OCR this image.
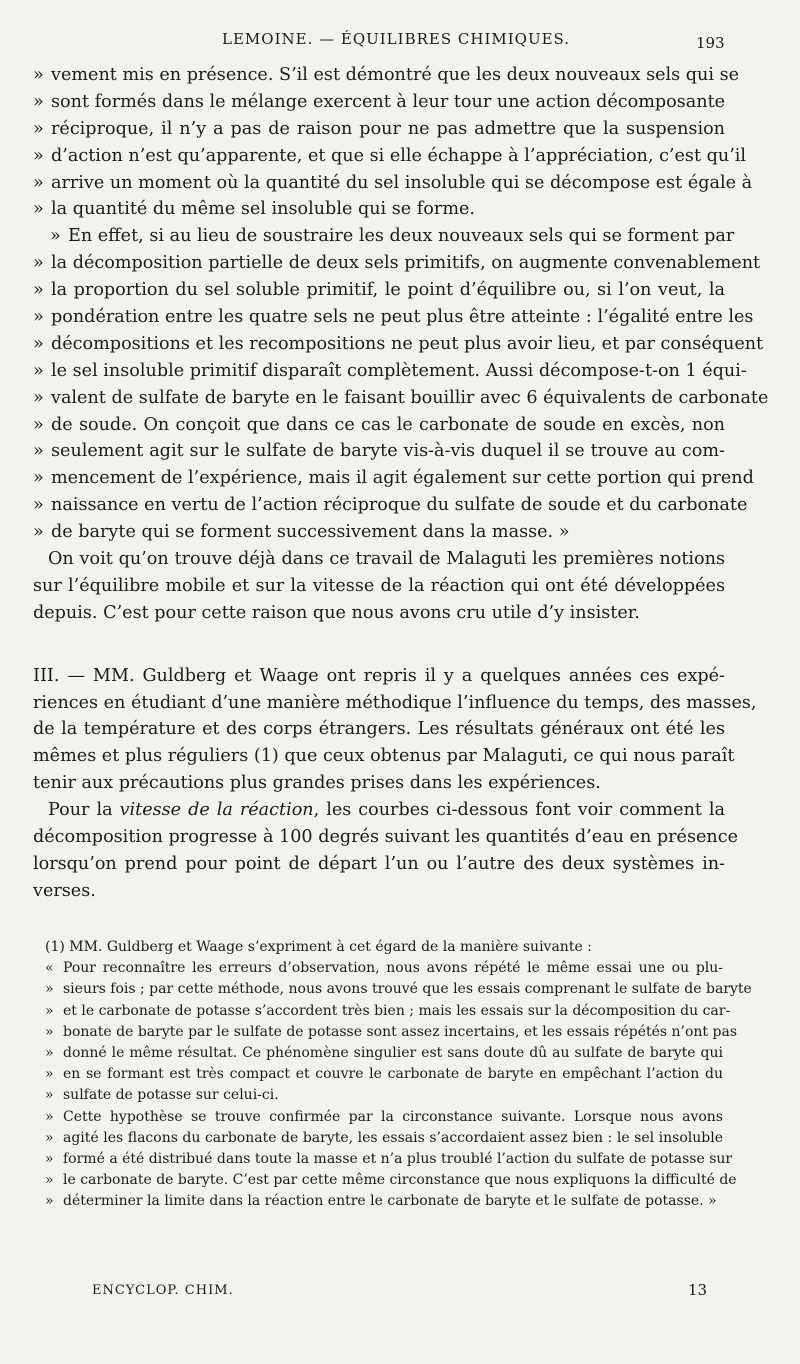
LEMOINE. — ÉQUILIBRES CHIMIQUES.	193
» vement mis en présence. S’il est démontré que les deux nouveaux sels qui se
» sont formés dans le mélange exercent à leur tour une action décomposante
» réciproque, il n’y a pas de raison pour ne pas admettre que la suspension
» d’action n’est qu’apparente, et que si elle échappe à l’appréciation, c’est qu’il
» arrive un moment où la quantité du sel insoluble qui se décompose est égale à
» la quantité du même sel insoluble qui se forme.
» En effet, si au lieu de soustraire les deux nouveaux sels qui se forment par
» la décomposition partielle de deux sels primitifs, on augmente convenablement
» la proportion du sel soluble primitif, le point d’équilibre ou, si l’on veut, la
» pondération entre les quatre sels ne peut plus être atteinte : l’égalité entre les
» décompositions et les recompositions ne peut plus avoir lieu, et par conséquent
» le sel insoluble primitif disparaît complètement. Aussi décompose-t-on 1 équi-
» valent de sulfate de baryte en le faisant bouillir avec 6 équivalents de carbonate
» de soude. On conçoit que dans ce cas le carbonate de soude en excès, non
» seulement agit sur le sulfate de baryte vis-à-vis duquel il se trouve au com-
» mencement de l’expérience, mais il agit également sur cette portion qui prend
» naissance en vertu de l’action réciproque du sulfate de soude et du carbonate
» de baryte qui se forment successivement dans la masse. »
On voit qu’on trouve déjà dans ce travail de Malaguti les premières notions
sur l’équilibre mobile et sur la vitesse de la réaction qui ont été développées
depuis. C’est pour cette raison que nous avons cru utile d’y insister.
III. — MM. Guldberg et Waage ont repris il y a quelques années ces expé-
riences en étudiant d’une manière méthodique l’influence du temps, des masses,
de la température et des corps étrangers. Les résultats généraux ont été les
mêmes et plus réguliers (1) que ceux obtenus par Malaguti, ce qui nous paraît
tenir aux précautions plus grandes prises dans les expériences.
Pour la vitesse de la réaction, les courbes ci-dessous font voir comment la
décomposition progresse à 100 degrés suivant les quantités d’eau en présence
lorsqu’on prend pour point de départ l’un ou l’autre des deux systèmes in-
verses.
(1) MM. Guldberg et Waage s’expriment à cet égard de la manière suivante :
« Pour reconnaître les erreurs d’observation, nous avons répété le même essai une ou plu-
» sieurs fois ; par cette méthode, nous avons trouvé que les essais comprenant le sulfate de baryte
» et le carbonate de potasse s’accordent très bien ; mais les essais sur la décomposition du car-
» bonate de baryte par le sulfate de potasse sont assez incertains, et les essais répétés n’ont pas
» donné le même résultat. Ce phénomène singulier est sans doute dû au sulfate de baryte qui
» en se formant est très compact et couvre le carbonate de baryte en empêchant l’action du
» sulfate de potasse sur celui-ci.
» Cette hypothèse se trouve confirmée par la circonstance suivante. Lorsque nous avons
» agité les flacons du carbonate de baryte, les essais s’accordaient assez bien : le sel insoluble
» formé a été distribué dans toute la masse et n’a plus troublé l’action du sulfate de potasse sur
» le carbonate de baryte. C’est par cette même circonstance que nous expliquons la difficulté de
» déterminer la limite dans la réaction entre le carbonate de baryte et le sulfate de potasse. »
ENCYCLOP. CHIM.	13
